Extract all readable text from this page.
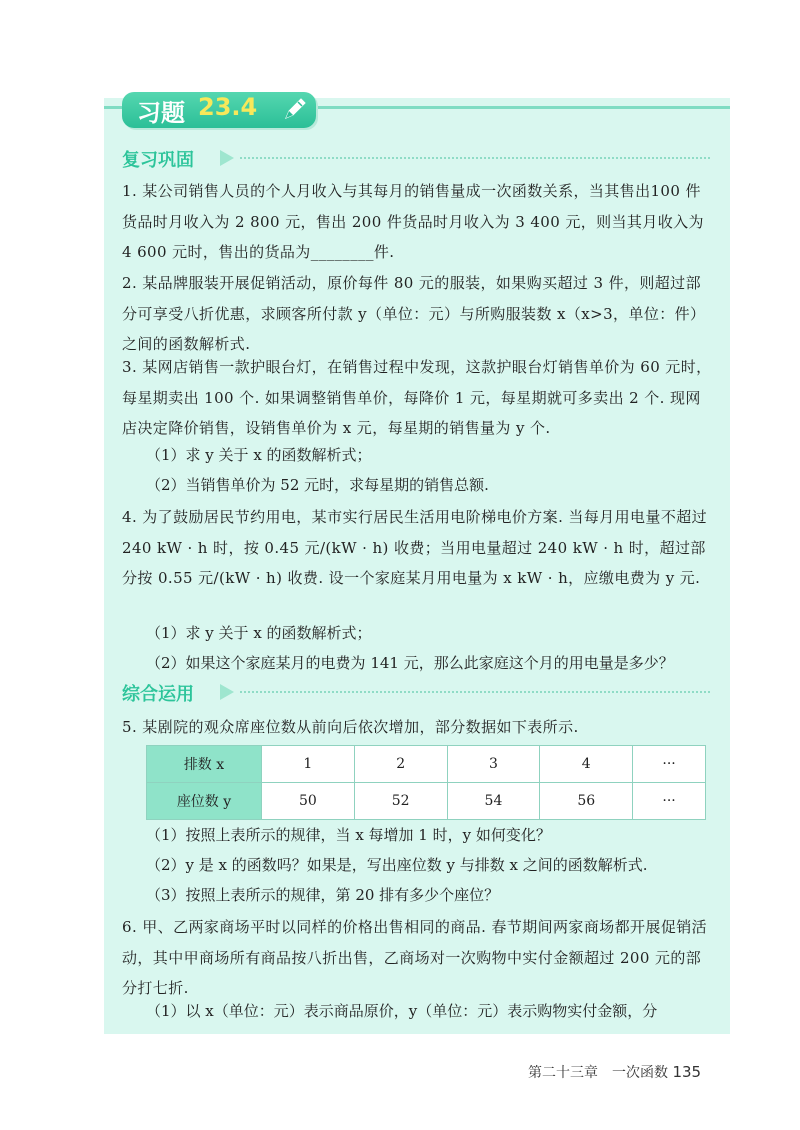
习题 23.4
复习巩固

1. 某公司销售人员的个人月收入与其每月的销售量成一次函数关系，当其售出100 件货品时月收入为 2 800 元，售出 200 件货品时月收入为 3 400 元，则当其月收入为 4 600 元时，售出的货品为________件.

2. 某品牌服装开展促销活动，原价每件 80 元的服装，如果购买超过 3 件，则超过部分可享受八折优惠，求顾客所付款 y（单位：元）与所购服装数 x（x>3，单位：件）之间的函数解析式.

3. 某网店销售一款护眼台灯，在销售过程中发现，这款护眼台灯销售单价为 60 元时，每星期卖出 100 个. 如果调整销售单价，每降价 1 元，每星期就可多卖出 2 个. 现网店决定降价销售，设销售单价为 x 元，每星期的销售量为 y 个.

（1）求 y 关于 x 的函数解析式；
（2）当销售单价为 52 元时，求每星期的销售总额.

4. 为了鼓励居民节约用电，某市实行居民生活用电阶梯电价方案. 当每月用电量不超过 240 kW · h 时，按 0.45 元/(kW · h) 收费；当用电量超过 240 kW · h 时，超过部分按 0.55 元/(kW · h) 收费. 设一个家庭某月用电量为 x kW · h，应缴电费为 y 元.

（1）求 y 关于 x 的函数解析式；
（2）如果这个家庭某月的电费为 141 元，那么此家庭这个月的用电量是多少？
综合运用

5. 某剧院的观众席座位数从前向后依次增加，部分数据如下表所示.

排数 x	1	2	3	4	···
座位数 y	50	52	54	56	···
（1）按照上表所示的规律，当 x 每增加 1 时，y 如何变化？
（2）y 是 x 的函数吗？如果是，写出座位数 y 与排数 x 之间的函数解析式.
（3）按照上表所示的规律，第 20 排有多少个座位？

6. 甲、乙两家商场平时以同样的价格出售相同的商品. 春节期间两家商场都开展促销活动，其中甲商场所有商品按八折出售，乙商场对一次购物中实付金额超过 200 元的部分打七折.

（1）以 x（单位：元）表示商品原价，y（单位：元）表示购物实付金额，分
第二十三章　一次函数 135
